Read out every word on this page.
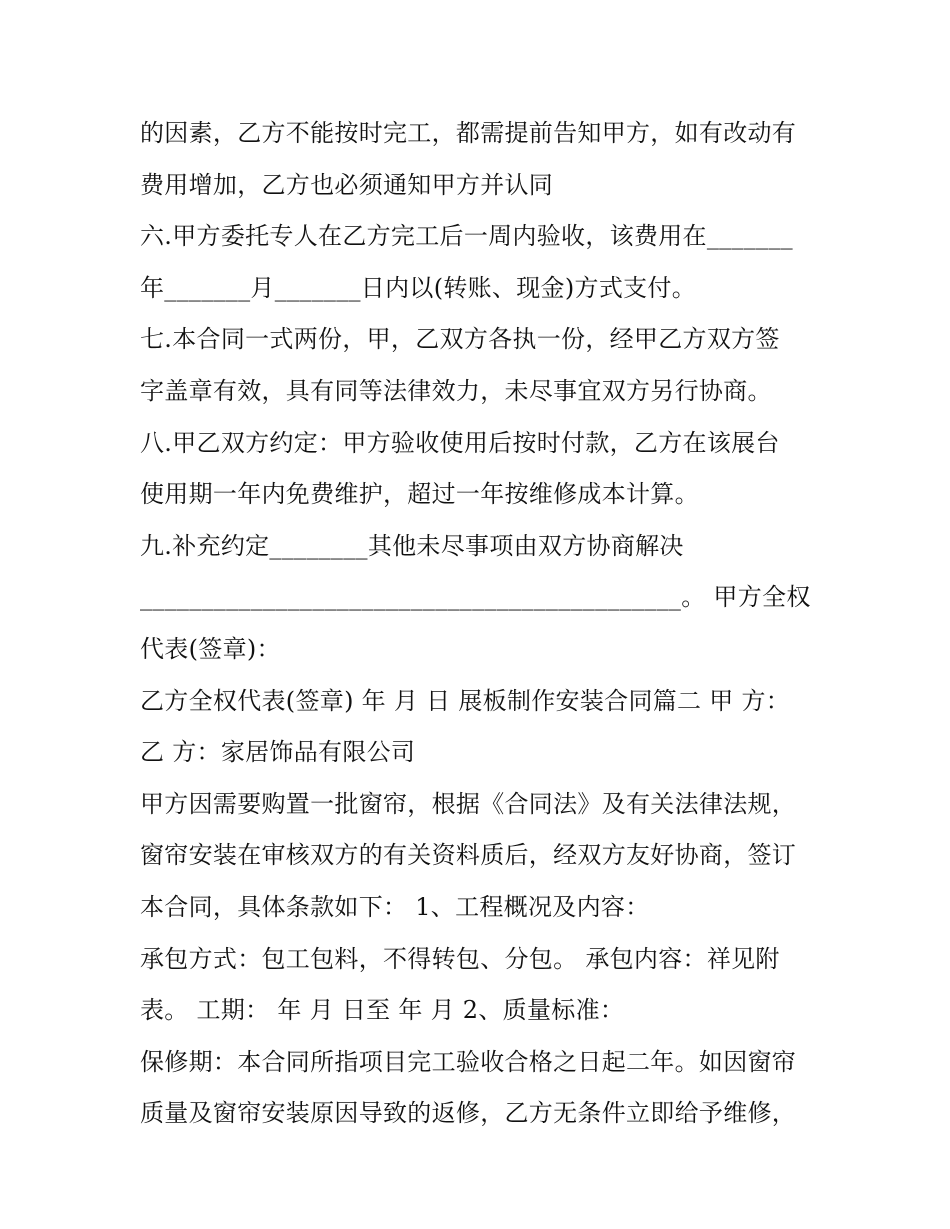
的因素，乙方不能按时完工，都需提前告知甲方，如有改动有
费用增加，乙方也必须通知甲方并认同
六.甲方委托专人在乙方完工后一周内验收，该费用在_______
年_______月_______日内以(转账、现金)方式支付。
七.本合同一式两份，甲，乙双方各执一份，经甲乙方双方签
字盖章有效，具有同等法律效力，未尽事宜双方另行协商。
八.甲乙双方约定：甲方验收使用后按时付款，乙方在该展台
使用期一年内免费维护，超过一年按维修成本计算。
九.补充约定________其他未尽事项由双方协商解决
____________________________________________。 甲方全权
代表(签章)：
乙方全权代表(签章) 年 月 日 展板制作安装合同篇二 甲 方：
乙 方：家居饰品有限公司
甲方因需要购置一批窗帘，根据《合同法》及有关法律法规，
窗帘安装在审核双方的有关资料质后，经双方友好协商，签订
本合同，具体条款如下： 1、工程概况及内容：
承包方式：包工包料，不得转包、分包。 承包内容：祥见附
表。 工期： 年 月 日至 年 月 2、质量标准：
保修期：本合同所指项目完工验收合格之日起二年。如因窗帘
质量及窗帘安装原因导致的返修，乙方无条件立即给予维修，
